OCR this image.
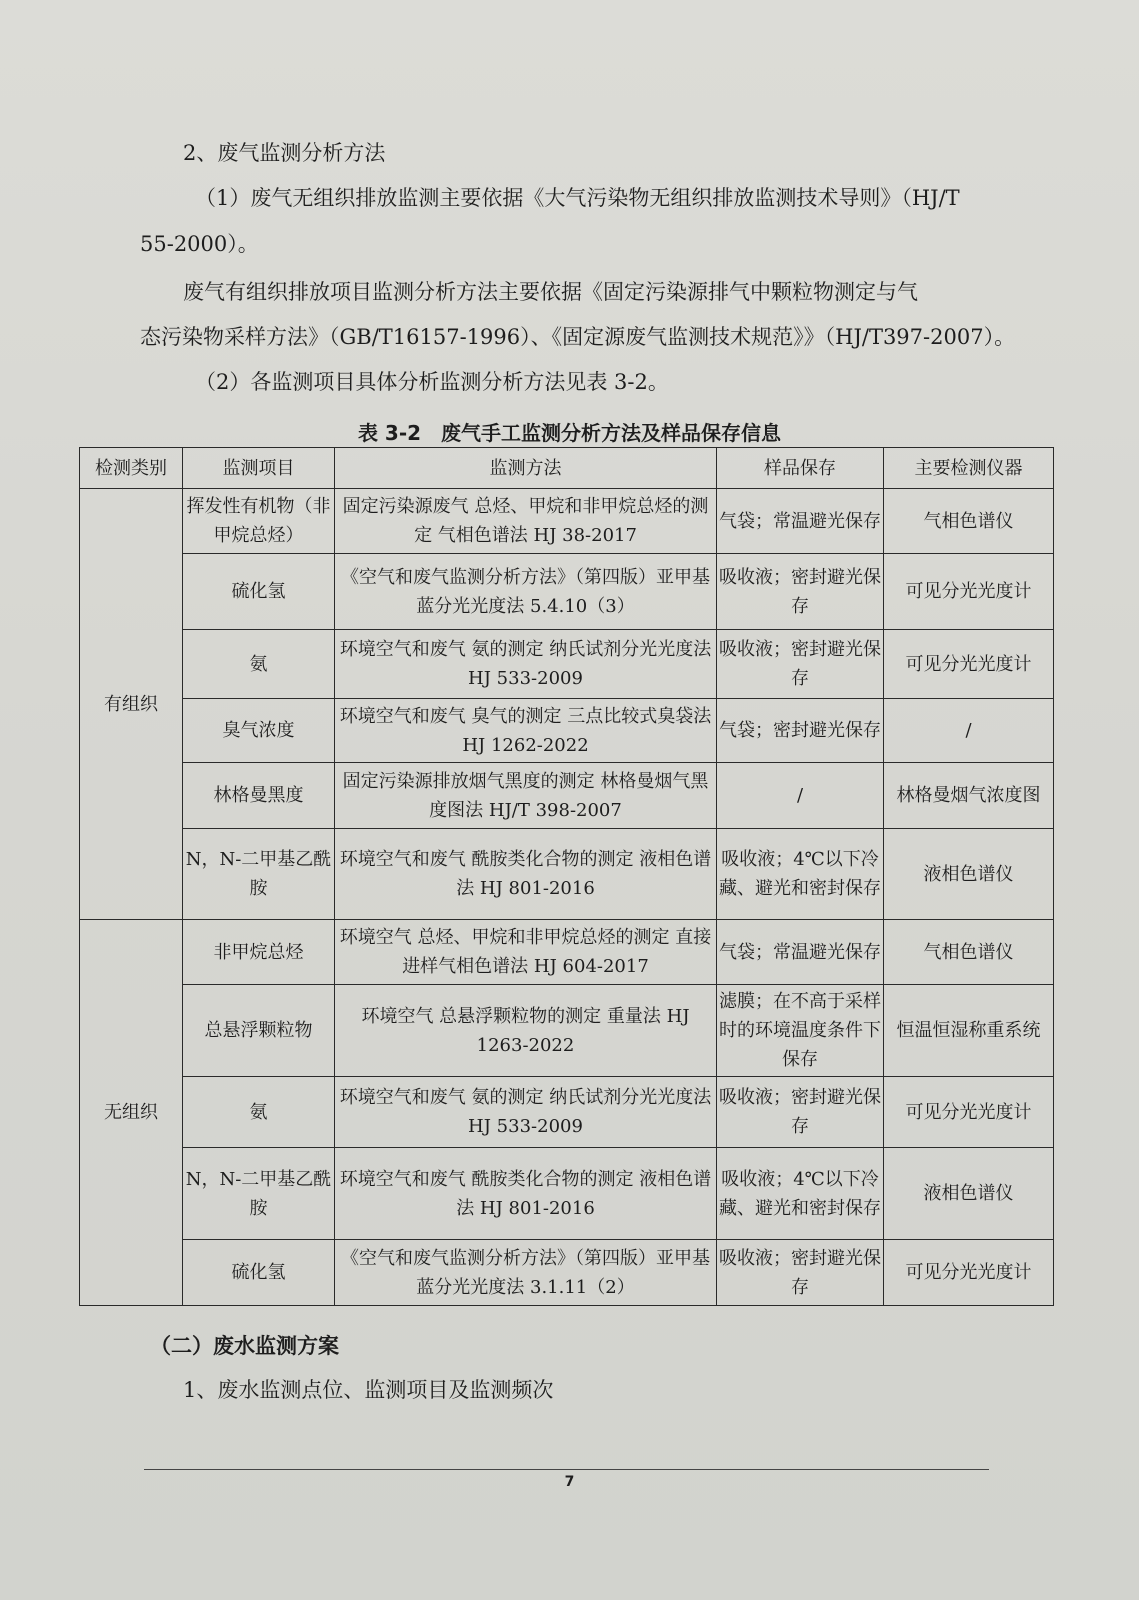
2、废气监测分析方法
（1）废气无组织排放监测主要依据《大气污染物无组织排放监测技术导则》（HJ/T
55-2000）。
废气有组织排放项目监测分析方法主要依据《固定污染源排气中颗粒物测定与气
态污染物采样方法》（GB/T16157-1996）、《固定源废气监测技术规范》》（HJ/T397-2007）。
（2）各监测项目具体分析监测分析方法见表 3-2。
表 3-2　废气手工监测分析方法及样品保存信息
检测类别	监测项目	监测方法	样品保存	主要检测仪器
有组织	挥发性有机物（非甲烷总烃）	固定污染源废气 总烃、甲烷和非甲烷总烃的测定 气相色谱法 HJ 38-2017	气袋；常温避光保存	气相色谱仪
	硫化氢	《空气和废气监测分析方法》（第四版）亚甲基蓝分光光度法 5.4.10（3）	吸收液；密封避光保存	可见分光光度计
	氨	环境空气和废气 氨的测定 纳氏试剂分光光度法 HJ 533-2009	吸收液；密封避光保存	可见分光光度计
	臭气浓度	环境空气和废气 臭气的测定 三点比较式臭袋法 HJ 1262-2022	气袋；密封避光保存	/
	林格曼黑度	固定污染源排放烟气黑度的测定 林格曼烟气黑度图法 HJ/T 398-2007	/	林格曼烟气浓度图
	N，N-二甲基乙酰胺	环境空气和废气 酰胺类化合物的测定 液相色谱法 HJ 801-2016	吸收液；4℃以下冷藏、避光和密封保存	液相色谱仪
无组织	非甲烷总烃	环境空气 总烃、甲烷和非甲烷总烃的测定 直接进样气相色谱法 HJ 604-2017	气袋；常温避光保存	气相色谱仪
	总悬浮颗粒物	环境空气 总悬浮颗粒物的测定 重量法 HJ 1263-2022	滤膜；在不高于采样时的环境温度条件下保存	恒温恒湿称重系统
	氨	环境空气和废气 氨的测定 纳氏试剂分光光度法 HJ 533-2009	吸收液；密封避光保存	可见分光光度计
	N，N-二甲基乙酰胺	环境空气和废气 酰胺类化合物的测定 液相色谱法 HJ 801-2016	吸收液；4℃以下冷藏、避光和密封保存	液相色谱仪
	硫化氢	《空气和废气监测分析方法》（第四版）亚甲基蓝分光光度法 3.1.11（2）	吸收液；密封避光保存	可见分光光度计
（二）废水监测方案
1、废水监测点位、监测项目及监测频次
7
